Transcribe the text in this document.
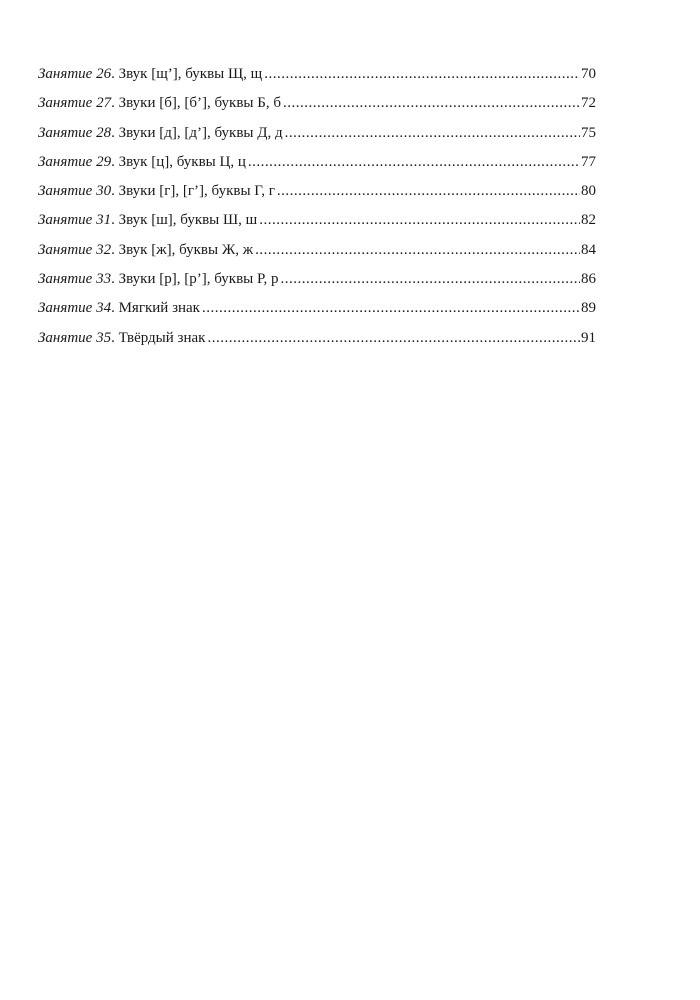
Занятие 26 . Звук [щ’], буквы Щ, щ .....	70
Занятие 27 . Звуки [б], [б’], буквы Б, б .....	72
Занятие 28 . Звуки [д], [д’], буквы Д, д .....	75
Занятие 29 . Звук [ц], буквы Ц, ц .....	77
Занятие 30 . Звуки [г], [г’], буквы Г, г .....	80
Занятие 31 . Звук [ш], буквы Ш, ш .....	82
Занятие 32 . Звук [ж], буквы Ж, ж .....	84
Занятие 33 . Звуки [р], [р’], буквы Р, р .....	86
Занятие 34 . Мягкий знак .....	89
Занятие 35 . Твёрдый знак .....	91
